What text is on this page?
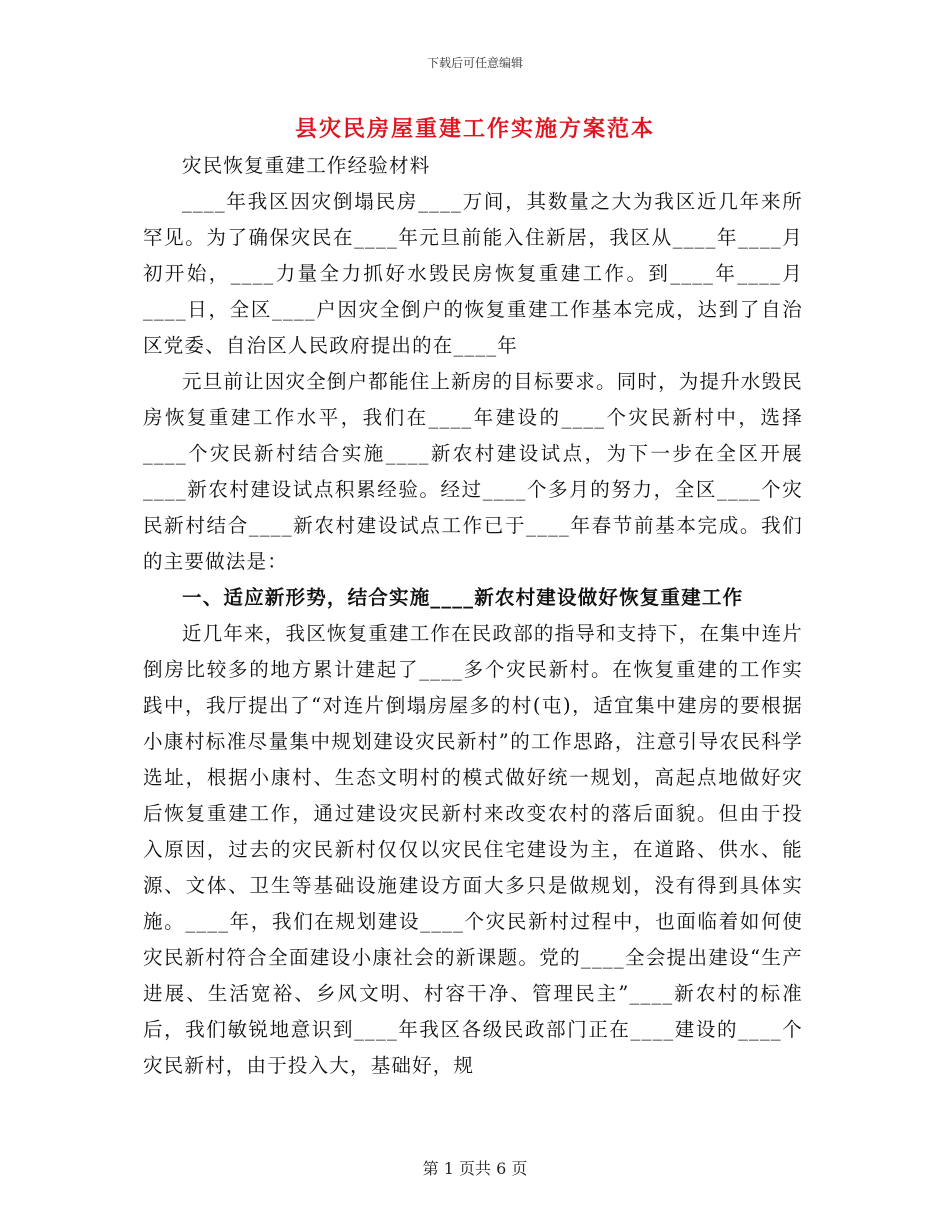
下载后可任意编辑
县灾民房屋重建工作实施方案范本

灾民恢复重建工作经验材料

____年我区因灾倒塌民房____万间，其数量之大为我区近几年来所罕见。为了确保灾民在____年元旦前能入住新居，我区从____年____月初开始，____力量全力抓好水毁民房恢复重建工作。到____年____月____日，全区____户因灾全倒户的恢复重建工作基本完成，达到了自治区党委、自治区人民政府提出的在____年

元旦前让因灾全倒户都能住上新房的目标要求。同时，为提升水毁民房恢复重建工作水平，我们在____年建设的____个灾民新村中，选择____个灾民新村结合实施____新农村建设试点，为下一步在全区开展____新农村建设试点积累经验。经过____个多月的努力，全区____个灾民新村结合____新农村建设试点工作已于____年春节前基本完成。我们的主要做法是：

一、适应新形势，结合实施____新农村建设做好恢复重建工作

近几年来，我区恢复重建工作在民政部的指导和支持下，在集中连片倒房比较多的地方累计建起了____多个灾民新村。在恢复重建的工作实践中，我厅提出了“对连片倒塌房屋多的村(屯)，适宜集中建房的要根据小康村标准尽量集中规划建设灾民新村”的工作思路，注意引导农民科学选址，根据小康村、生态文明村的模式做好统一规划，高起点地做好灾后恢复重建工作，通过建设灾民新村来改变农村的落后面貌。但由于投入原因，过去的灾民新村仅仅以灾民住宅建设为主，在道路、供水、能源、文体、卫生等基础设施建设方面大多只是做规划，没有得到具体实施。____年，我们在规划建设____个灾民新村过程中，也面临着如何使灾民新村符合全面建设小康社会的新课题。党的____全会提出建设“生产进展、生活宽裕、乡风文明、村容干净、管理民主”____新农村的标准后，我们敏锐地意识到____年我区各级民政部门正在____建设的____个灾民新村，由于投入大，基础好，规

第 1 页共 6 页
